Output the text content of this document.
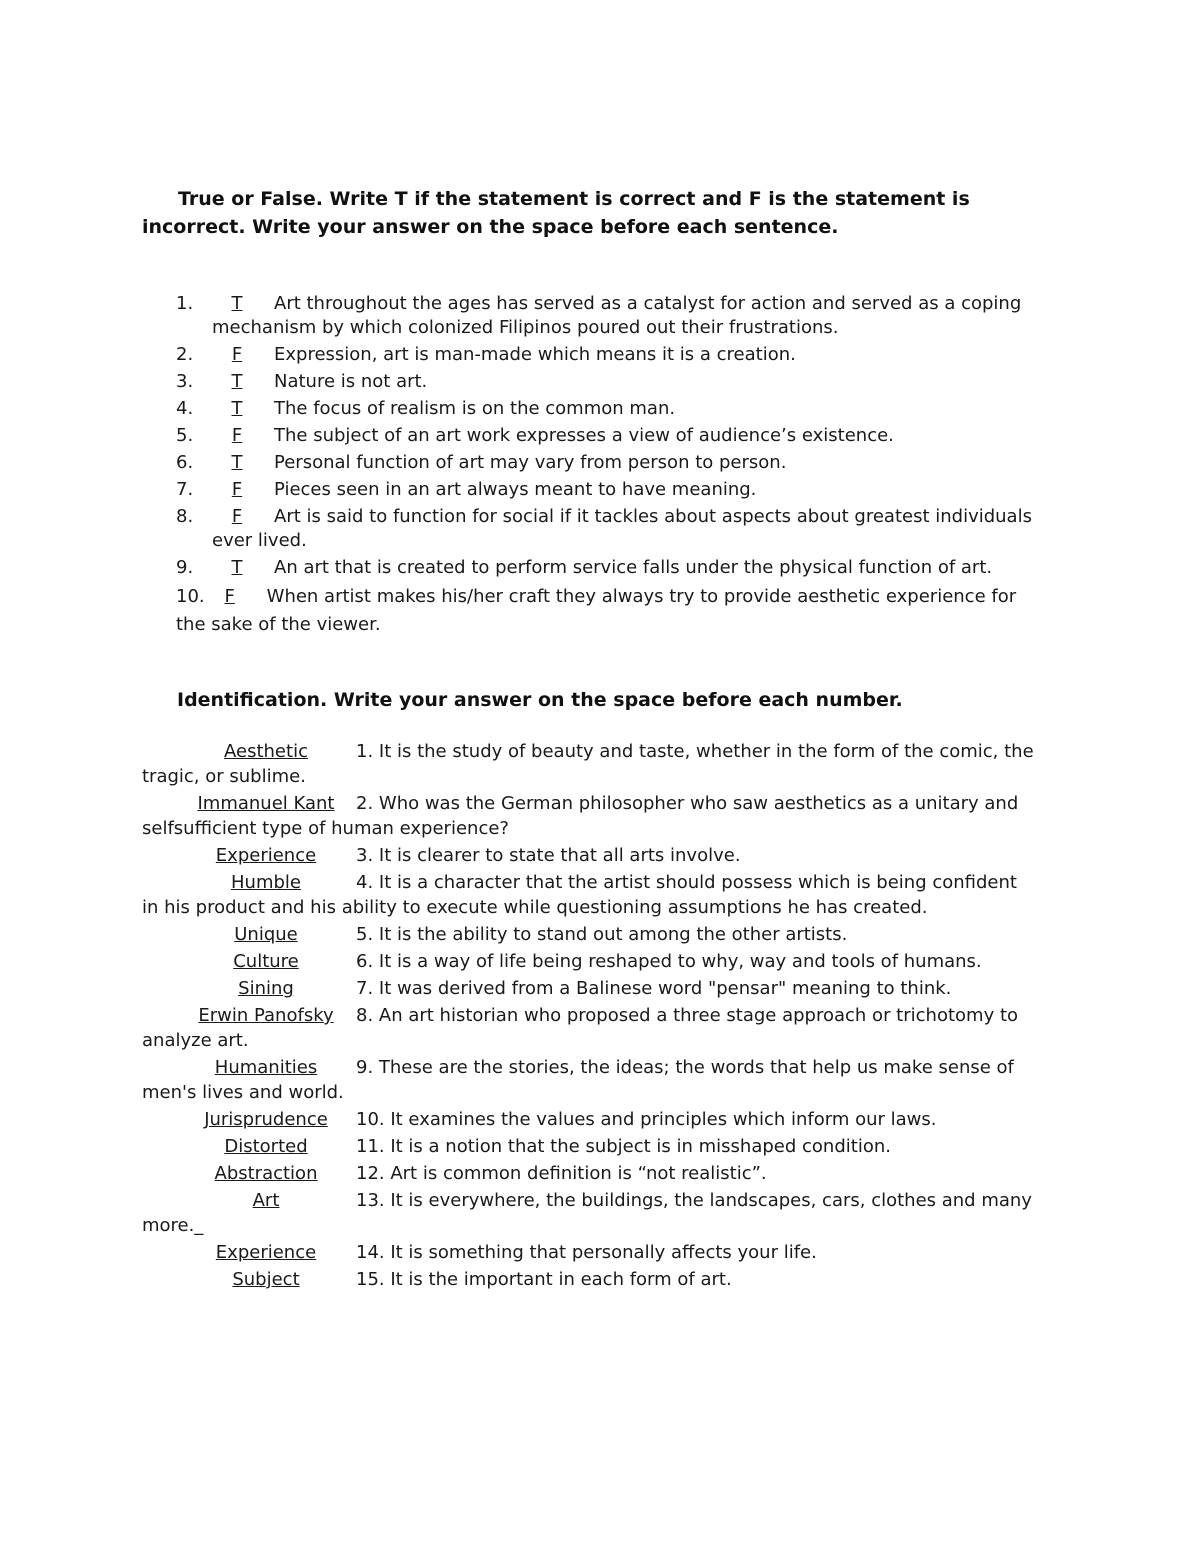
True or False. Write T if the statement is correct and F is the statement is incorrect. Write your answer on the space before each sentence.
1. T Art throughout the ages has served as a catalyst for action and served as a coping mechanism by which colonized Filipinos poured out their frustrations.
2. F Expression, art is man-made which means it is a creation.
3. T Nature is not art.
4. T The focus of realism is on the common man.
5. F The subject of an art work expresses a view of audience’s existence.
6. T Personal function of art may vary from person to person.
7. F Pieces seen in an art always meant to have meaning.
8. F Art is said to function for social if it tackles about aspects about greatest individuals ever lived.
9. T An art that is created to perform service falls under the physical function of art.
10. F When artist makes his/her craft they always try to provide aesthetic experience for the sake of the viewer.
Identification. Write your answer on the space before each number.
Aesthetic	1. It is the study of beauty and taste, whether in the form of the comic, the tragic, or sublime.
Immanuel Kant 2. Who was the German philosopher who saw aesthetics as a unitary and selfsufficient type of human experience?
Experience 3. It is clearer to state that all arts involve.
Humble	4. It is a character that the artist should possess which is being confident in his product and his ability to execute while questioning assumptions he has created.
Unique	5. It is the ability to stand out among the other artists.
Culture	6. It is a way of life being reshaped to why, way and tools of humans.
Sining	7. It was derived from a Balinese word "pensar" meaning to think.
Erwin Panofsky 8. An art historian who proposed a three stage approach or trichotomy to analyze art.
Humanities 9. These are the stories, the ideas; the words that help us make sense of men's lives and world.
Jurisprudence 10. It examines the values and principles which inform our laws.
Distorted	11. It is a notion that the subject is in misshaped condition.
Abstraction 12. Art is common definition is “not realistic”.
Art	13. It is everywhere, the buildings, the landscapes, cars, clothes and many more._
Experience 14. It is something that personally affects your life.
Subject	15. It is the important in each form of art.
